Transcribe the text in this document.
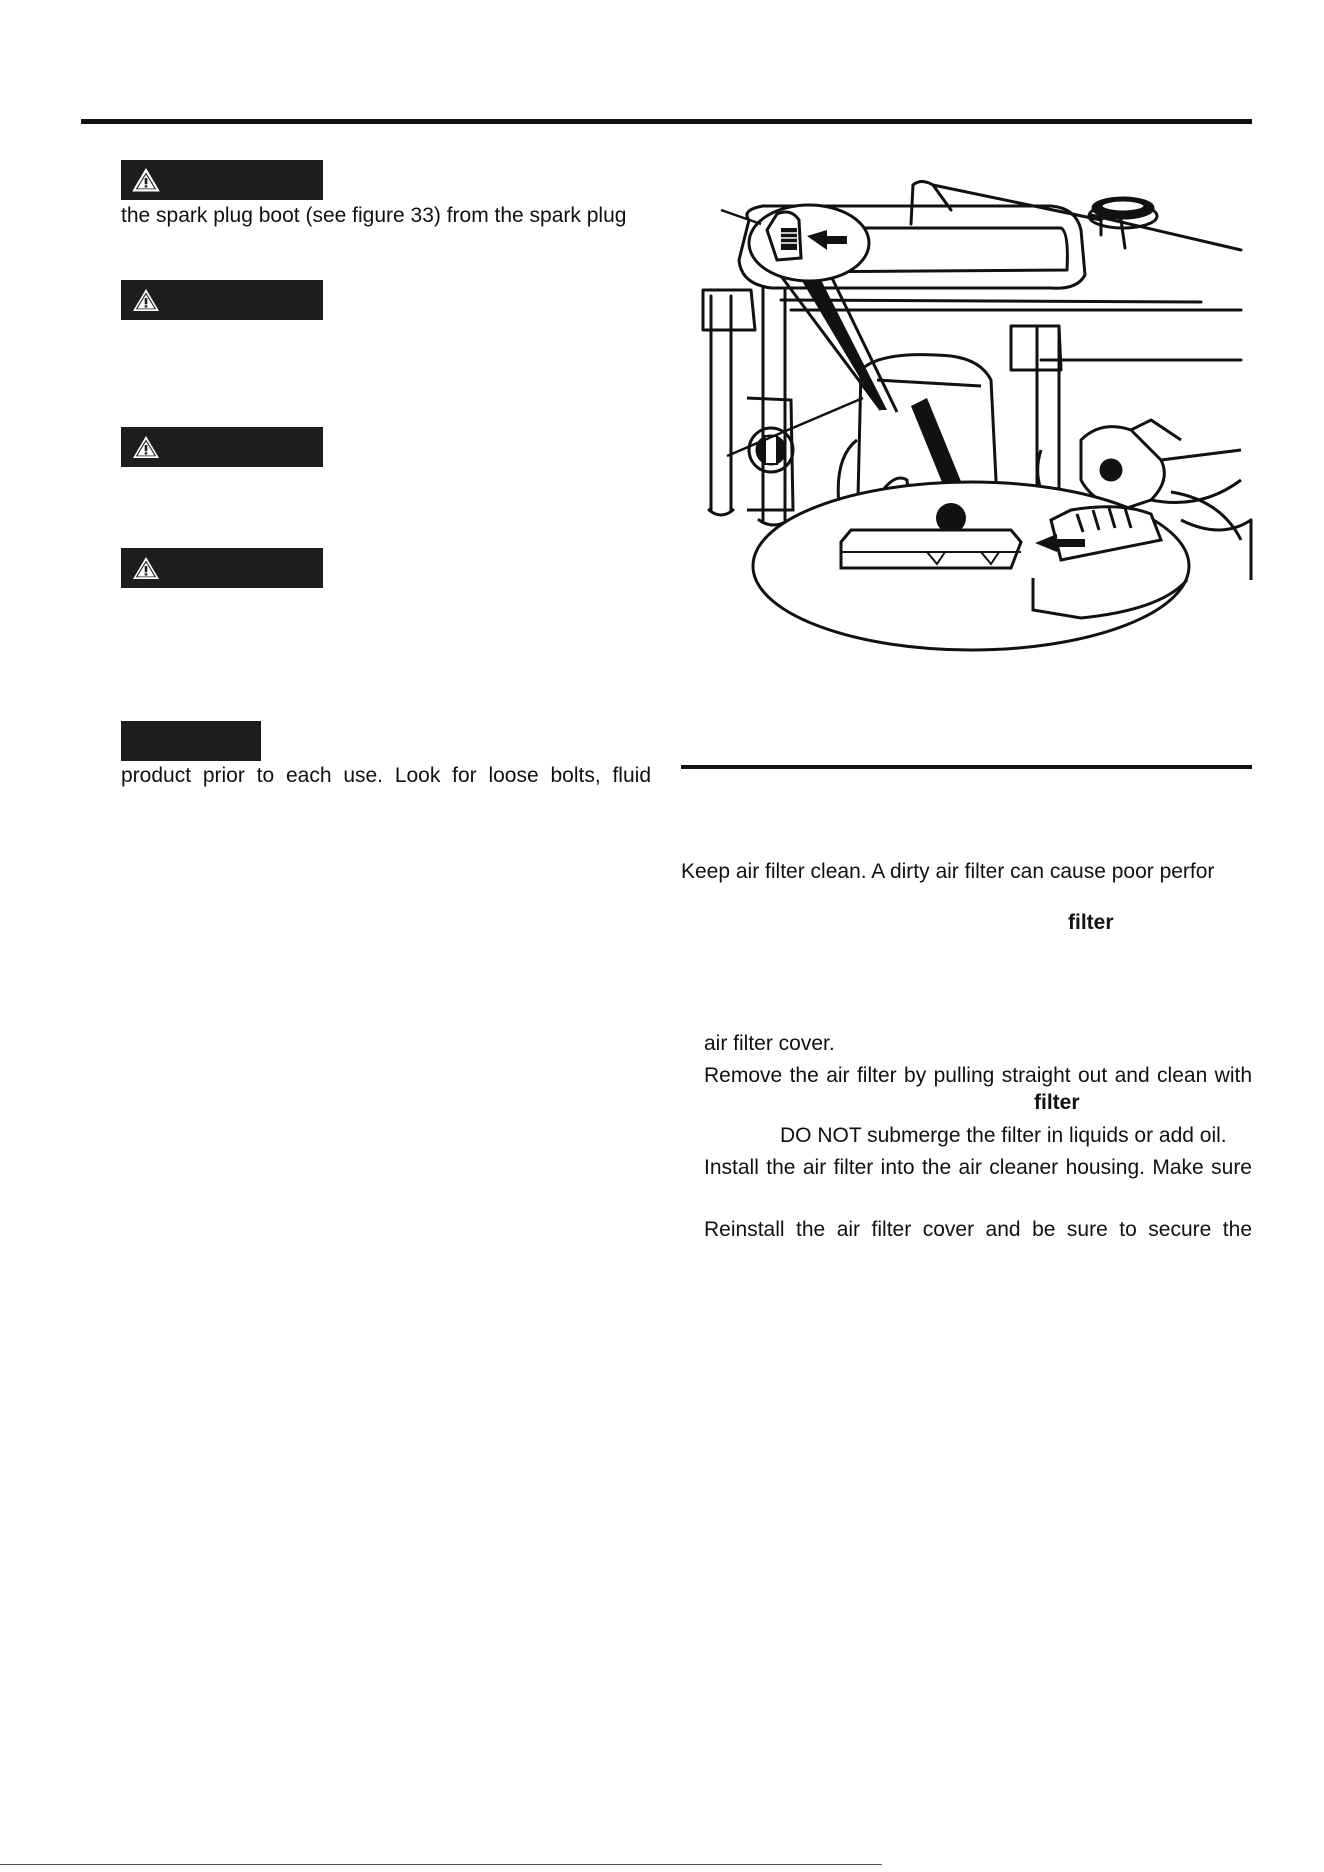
the spark plug boot (see figure 33) from the spark plug
product prior to each use. Look for loose bolts, fluid
Keep air filter clean. A dirty air filter can cause poor perfor
filter
air filter cover.
Remove the air filter by pulling straight out and clean with
filter
DO NOT submerge the filter in liquids or add oil.
Install the air filter into the air cleaner housing. Make sure
Reinstall the air filter cover and be sure to secure the
